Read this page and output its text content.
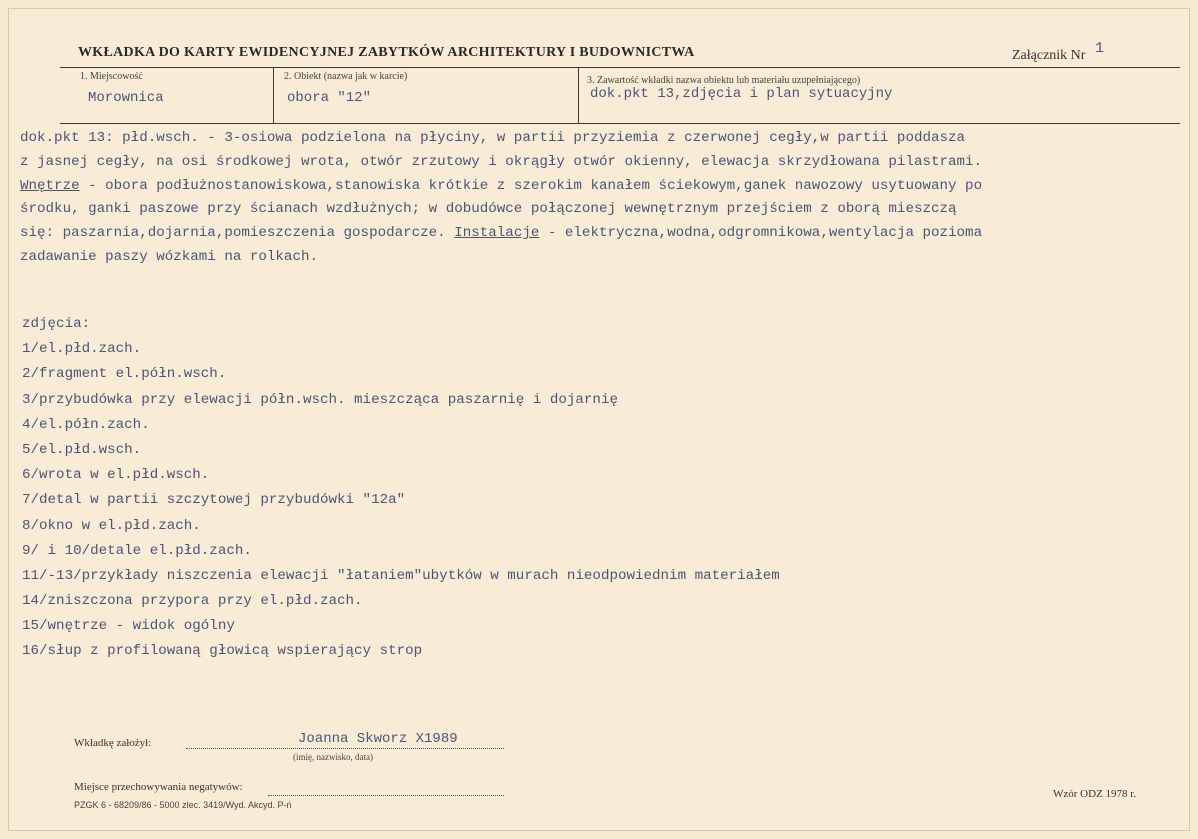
WKŁADKA DO KARTY EWIDENCYJNEJ ZABYTKÓW ARCHITEKTURY I BUDOWNICTWA	Załącznik Nr 1
1. Miejscowość
Morownica
2. Obiekt (nazwa jak w karcie)
obora "12"
3. Zawartość wkładki nazwa obiektu lub materiału uzupełniającego)
dok.pkt 13,zdjęcia i plan sytuacyjny
dok.pkt 13: płd.wsch. - 3-osiowa podzielona na płyciny, w partii przyziemia z czerwonej cegły,w partii poddasza
z jasnej cegły, na osi środkowej wrota, otwór zrzutowy i okrągły otwór okienny, elewacja skrzydłowana pilastrami.
Wnętrze - obora podłużnostanowiskowa,stanowiska krótkie z szerokim kanałem ściekowym,ganek nawozowy usytuowany po
środku, ganki paszowe przy ścianach wzdłużnych; w dobudówce połączonej wewnętrznym przejściem z oborą mieszczą
się: paszarnia,dojarnia,pomieszczenia gospodarcze. Instalacje - elektryczna,wodna,odgromnikowa,wentylacja pozioma
zadawanie paszy wózkami na rolkach.
zdjęcia:
1/el.płd.zach.
2/fragment el.półn.wsch.
3/przybudówka przy elewacji półn.wsch. mieszcząca paszarnię i dojarnię
4/el.półn.zach.
5/el.płd.wsch.
6/wrota w el.płd.wsch.
7/detal w partii szczytowej przybudówki "12a"
8/okno w el.płd.zach.
9/ i 10/detale el.płd.zach.
11/-13/przykłady niszczenia elewacji "łataniem"ubytków w murach nieodpowiednim materiałem
14/zniszczona przypora przy el.płd.zach.
15/wnętrze - widok ogólny
16/słup z profilowaną głowicą wspierający strop
Wkładkę założył:	Joanna Skworz X1989
(imię, nazwisko, data)
Miejsce przechowywania negatywów:
PZGK 6 - 68209/86 - 5000 zlec. 3419/Wyd. Akcyd. P-ń
Wzór ODZ 1978 r.
